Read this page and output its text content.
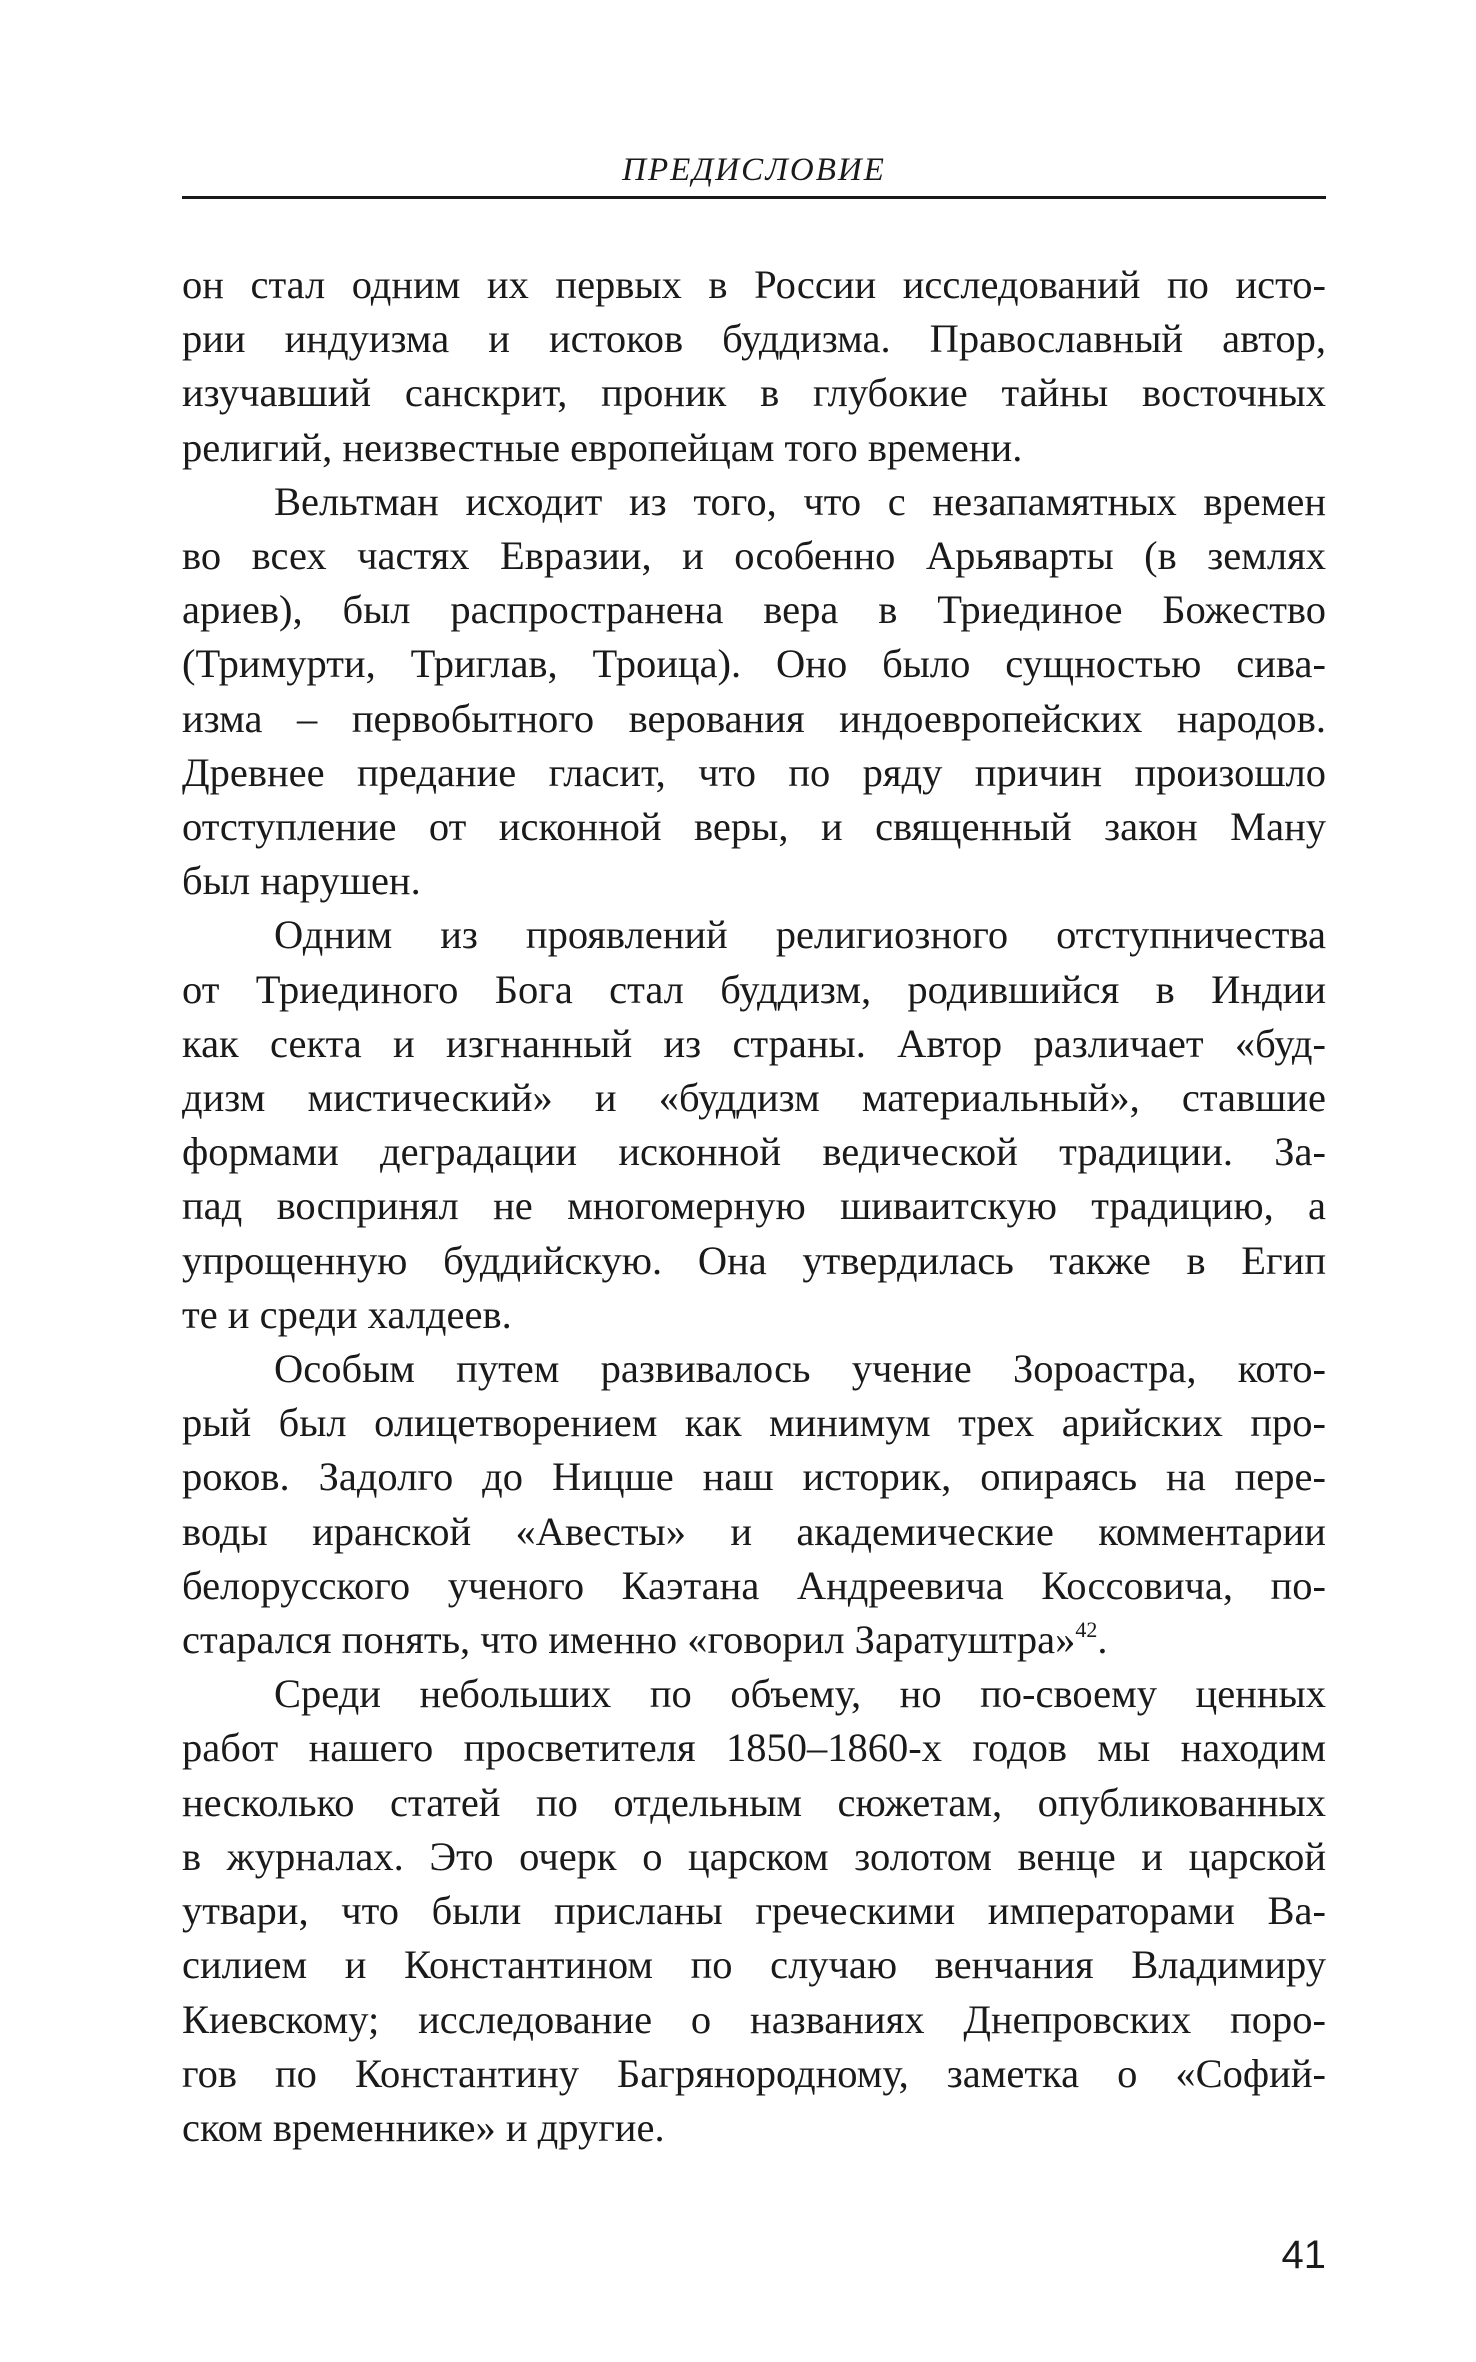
ПРЕДИСЛОВИЕ

он стал одним их первых в России исследований по исто-
рии индуизма и истоков буддизма. Православный автор,
изучавший санскрит, проник в глубокие тайны восточных
религий, неизвестные европейцам того времени.

Вельтман исходит из того, что с незапамятных времен
во всех частях Евразии, и особенно Арьяварты (в землях
ариев), был распространена вера в Триединое Божество
(Тримурти, Триглав, Троица). Оно было сущностью сива-
изма – первобытного верования индоевропейских народов.
Древнее предание гласит, что по ряду причин произошло
отступление от исконной веры, и священный закон Ману
был нарушен.

Одним из проявлений религиозного отступничества
от Триединого Бога стал буддизм, родившийся в Индии
как секта и изгнанный из страны. Автор различает «буд-
дизм мистический» и «буддизм материальный», ставшие
формами деградации исконной ведической традиции. За-
пад воспринял не многомерную шиваитскую традицию, а
упрощенную буддийскую. Она утвердилась также в Егип
те и среди халдеев.

Особым путем развивалось учение Зороастра, кото-
рый был олицетворением как минимум трех арийских про-
роков. Задолго до Ницше наш историк, опираясь на пере-
воды иранской «Авесты» и академические комментарии
белорусского ученого Каэтана Андреевича Коссовича, по-
старался понять, что именно «говорил Заратуштра»$^{42}$.

Среди небольших по объему, но по-своему ценных
работ нашего просветителя 1850–1860-х годов мы находим
несколько статей по отдельным сюжетам, опубликованных
в журналах. Это очерк о царском золотом венце и царской
утвари, что были присланы греческими императорами Ва-
силием и Константином по случаю венчания Владимиру
Киевскому; исследование о названиях Днепровских поро-
гов по Константину Багрянородному, заметка о «Софий-
ском временнике» и другие.

41
